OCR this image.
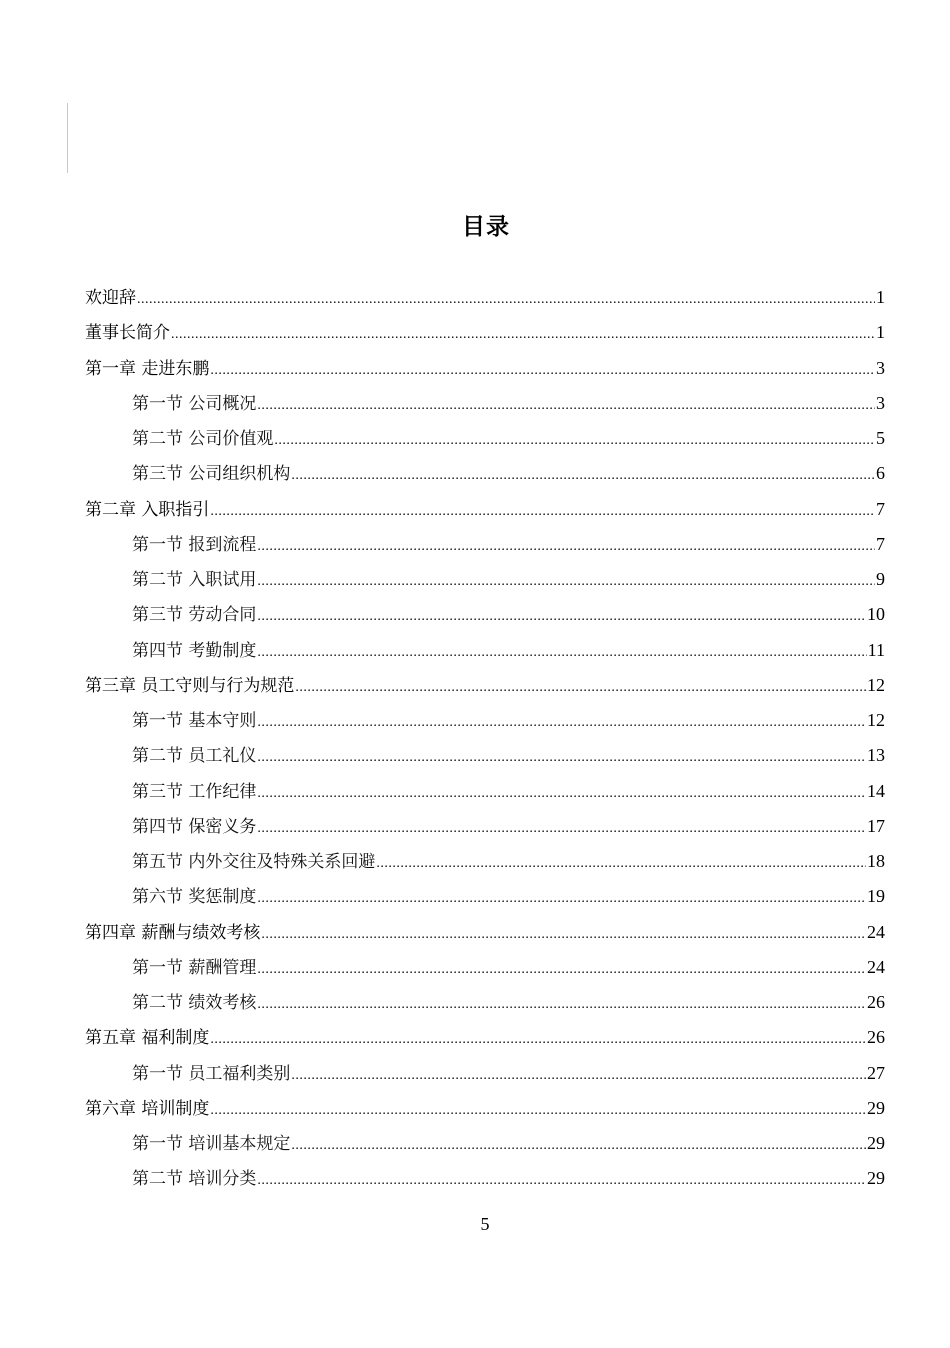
目录
欢迎辞 .....	1
董事长简介 .....	1
第一章 走进东鹏 .....	3
第一节 公司概况 .....	3
第二节 公司价值观 .....	5
第三节 公司组织机构 .....	6
第二章 入职指引 .....	7
第一节 报到流程 .....	7
第二节 入职试用 .....	9
第三节 劳动合同 .....	10
第四节 考勤制度 .....	11
第三章 员工守则与行为规范 .....	12
第一节 基本守则 .....	12
第二节 员工礼仪 .....	13
第三节 工作纪律 .....	14
第四节 保密义务 .....	17
第五节 内外交往及特殊关系回避 .....	18
第六节 奖惩制度 .....	19
第四章 薪酬与绩效考核 .....	24
第一节 薪酬管理 .....	24
第二节 绩效考核 .....	26
第五章 福利制度 .....	26
第一节 员工福利类别 .....	27
第六章 培训制度 .....	29
第一节 培训基本规定 .....	29
第二节 培训分类 .....	29
5
